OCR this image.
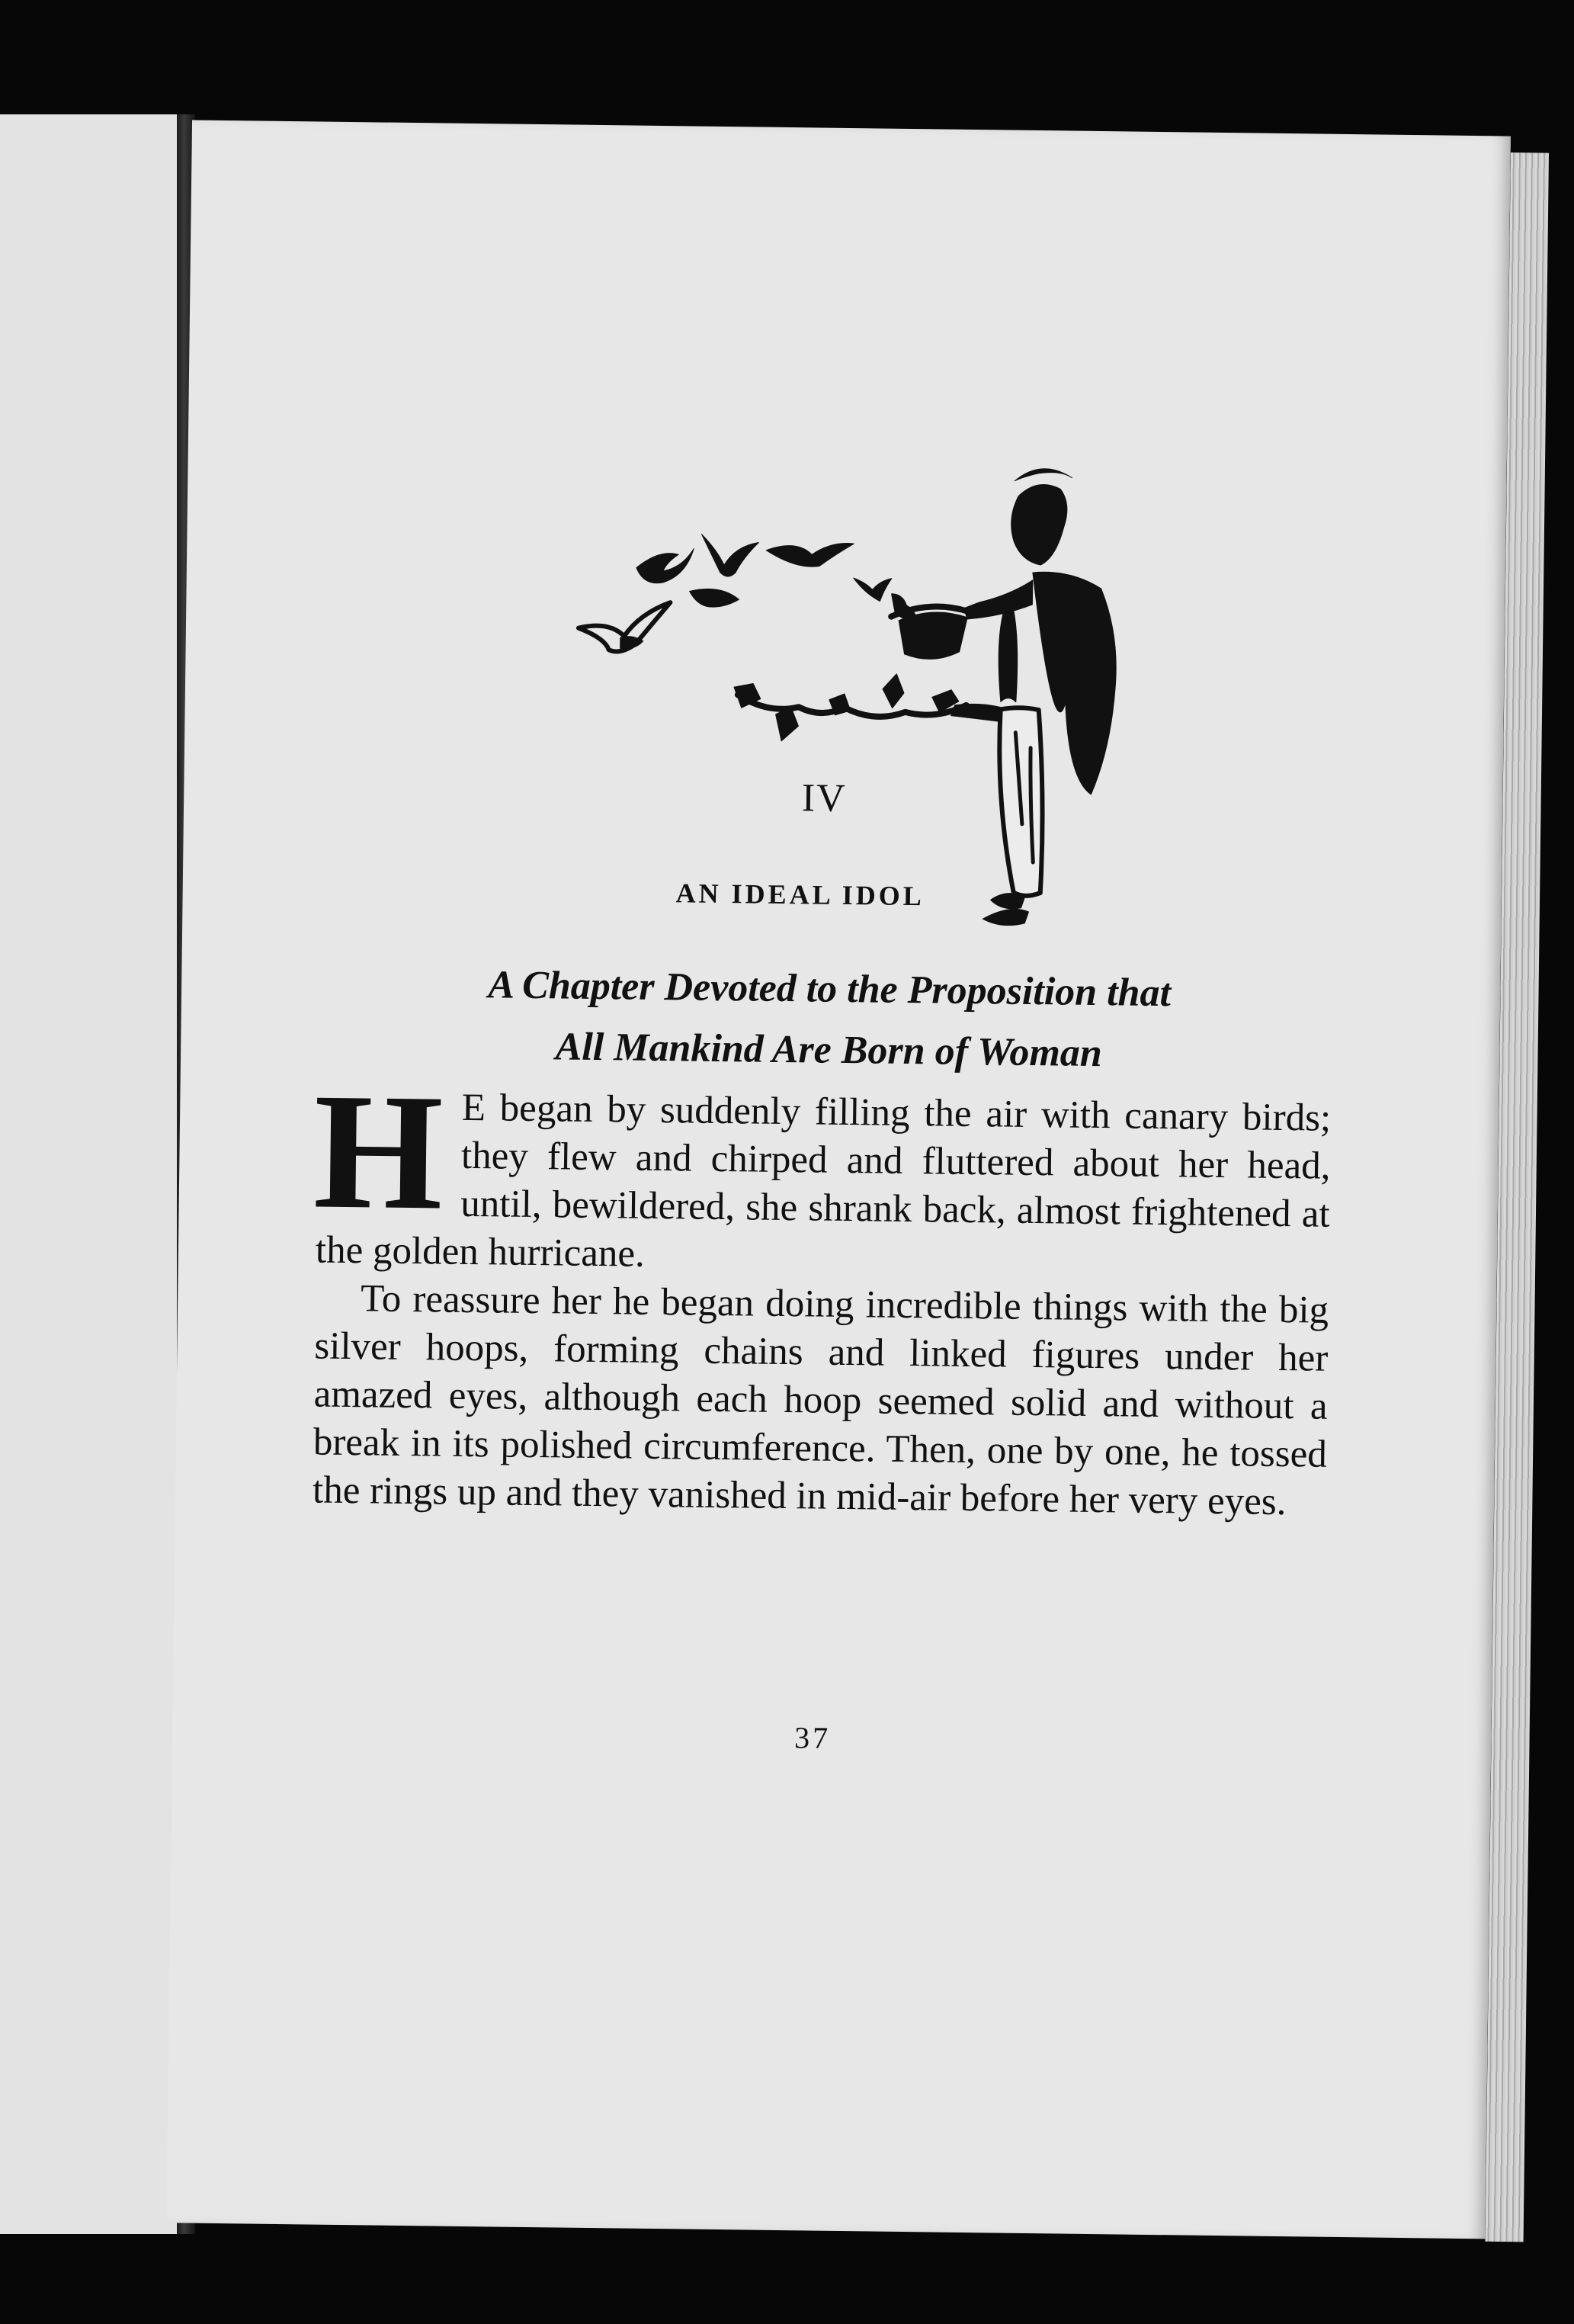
IV
AN IDEAL IDOL
A Chapter Devoted to the Proposition that
All Mankind Are Born of Woman

H E began by suddenly filling the air with canary birds; they flew and chirped and fluttered about her head, until, bewildered, she shrank back, almost frightened at the golden hurricane.

To reassure her he began doing incredible things with the big silver hoops, forming chains and linked figures under her amazed eyes, although each hoop seemed solid and without a break in its polished circumference. Then, one by one, he tossed the rings up and they vanished in mid-air before her very eyes.

37
